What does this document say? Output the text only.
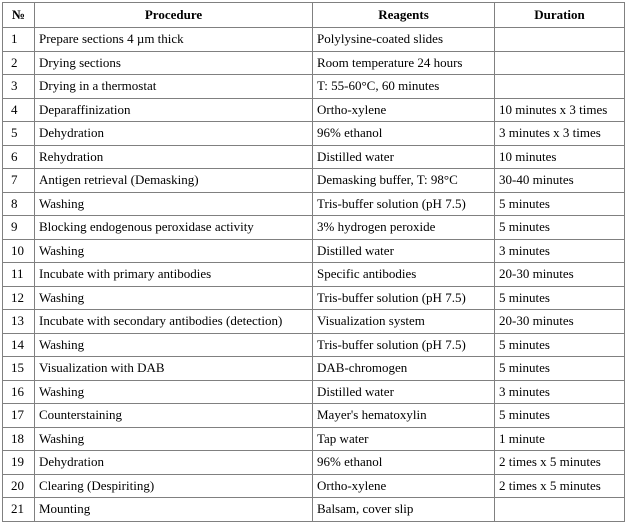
№	Procedure	Reagents	Duration
1	Prepare sections 4 µm thick	Polylysine-coated slides	
2	Drying sections	Room temperature 24 hours	
3	Drying in a thermostat	T: 55-60°C, 60 minutes	
4	Deparaffinization	Ortho-xylene	10 minutes x 3 times
5	Dehydration	96% ethanol	3 minutes x 3 times
6	Rehydration	Distilled water	10 minutes
7	Antigen retrieval (Demasking)	Demasking buffer, T: 98°C	30-40 minutes
8	Washing	Tris-buffer solution (pH 7.5)	5 minutes
9	Blocking endogenous peroxidase activity	3% hydrogen peroxide	5 minutes
10	Washing	Distilled water	3 minutes
11	Incubate with primary antibodies	Specific antibodies	20-30 minutes
12	Washing	Tris-buffer solution (pH 7.5)	5 minutes
13	Incubate with secondary antibodies (detection)	Visualization system	20-30 minutes
14	Washing	Tris-buffer solution (pH 7.5)	5 minutes
15	Visualization with DAB	DAB-chromogen	5 minutes
16	Washing	Distilled water	3 minutes
17	Counterstaining	Mayer's hematoxylin	5 minutes
18	Washing	Tap water	1 minute
19	Dehydration	96% ethanol	2 times x 5 minutes
20	Clearing (Despiriting)	Ortho-xylene	2 times x 5 minutes
21	Mounting	Balsam, cover slip	
